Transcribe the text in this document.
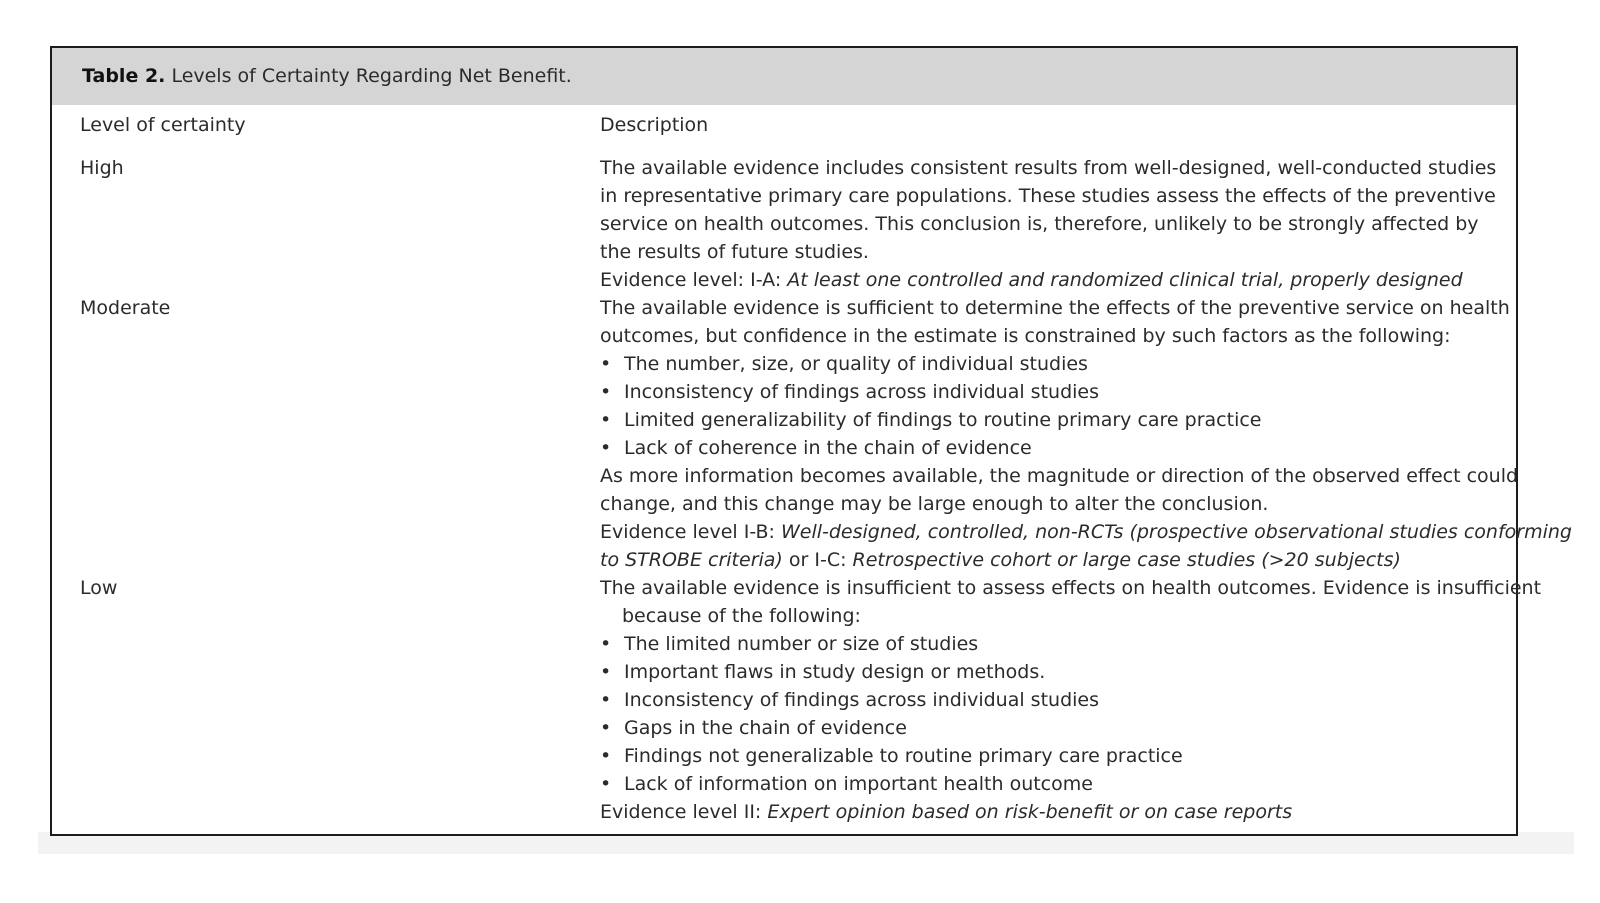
Table 2. Levels of Certainty Regarding Net Benefit.
Level of certainty	Description
High	The available evidence includes consistent results from well-designed, well-conducted studies
in representative primary care populations. These studies assess the effects of the preventive
service on health outcomes. This conclusion is, therefore, unlikely to be strongly affected by
the results of future studies.
Evidence level: I-A: At least one controlled and randomized clinical trial, properly designed
Moderate	The available evidence is sufficient to determine the effects of the preventive service on health
outcomes, but confidence in the estimate is constrained by such factors as the following:
• The number, size, or quality of individual studies
• Inconsistency of findings across individual studies
• Limited generalizability of findings to routine primary care practice
• Lack of coherence in the chain of evidence
As more information becomes available, the magnitude or direction of the observed effect could
change, and this change may be large enough to alter the conclusion.
Evidence level I-B: Well-designed, controlled, non-RCTs (prospective observational studies conforming
to STROBE criteria) or I-C: Retrospective cohort or large case studies (>20 subjects)
Low	The available evidence is insufficient to assess effects on health outcomes. Evidence is insufficient
because of the following:
• The limited number or size of studies
• Important flaws in study design or methods.
• Inconsistency of findings across individual studies
• Gaps in the chain of evidence
• Findings not generalizable to routine primary care practice
• Lack of information on important health outcome
Evidence level II: Expert opinion based on risk-benefit or on case reports
